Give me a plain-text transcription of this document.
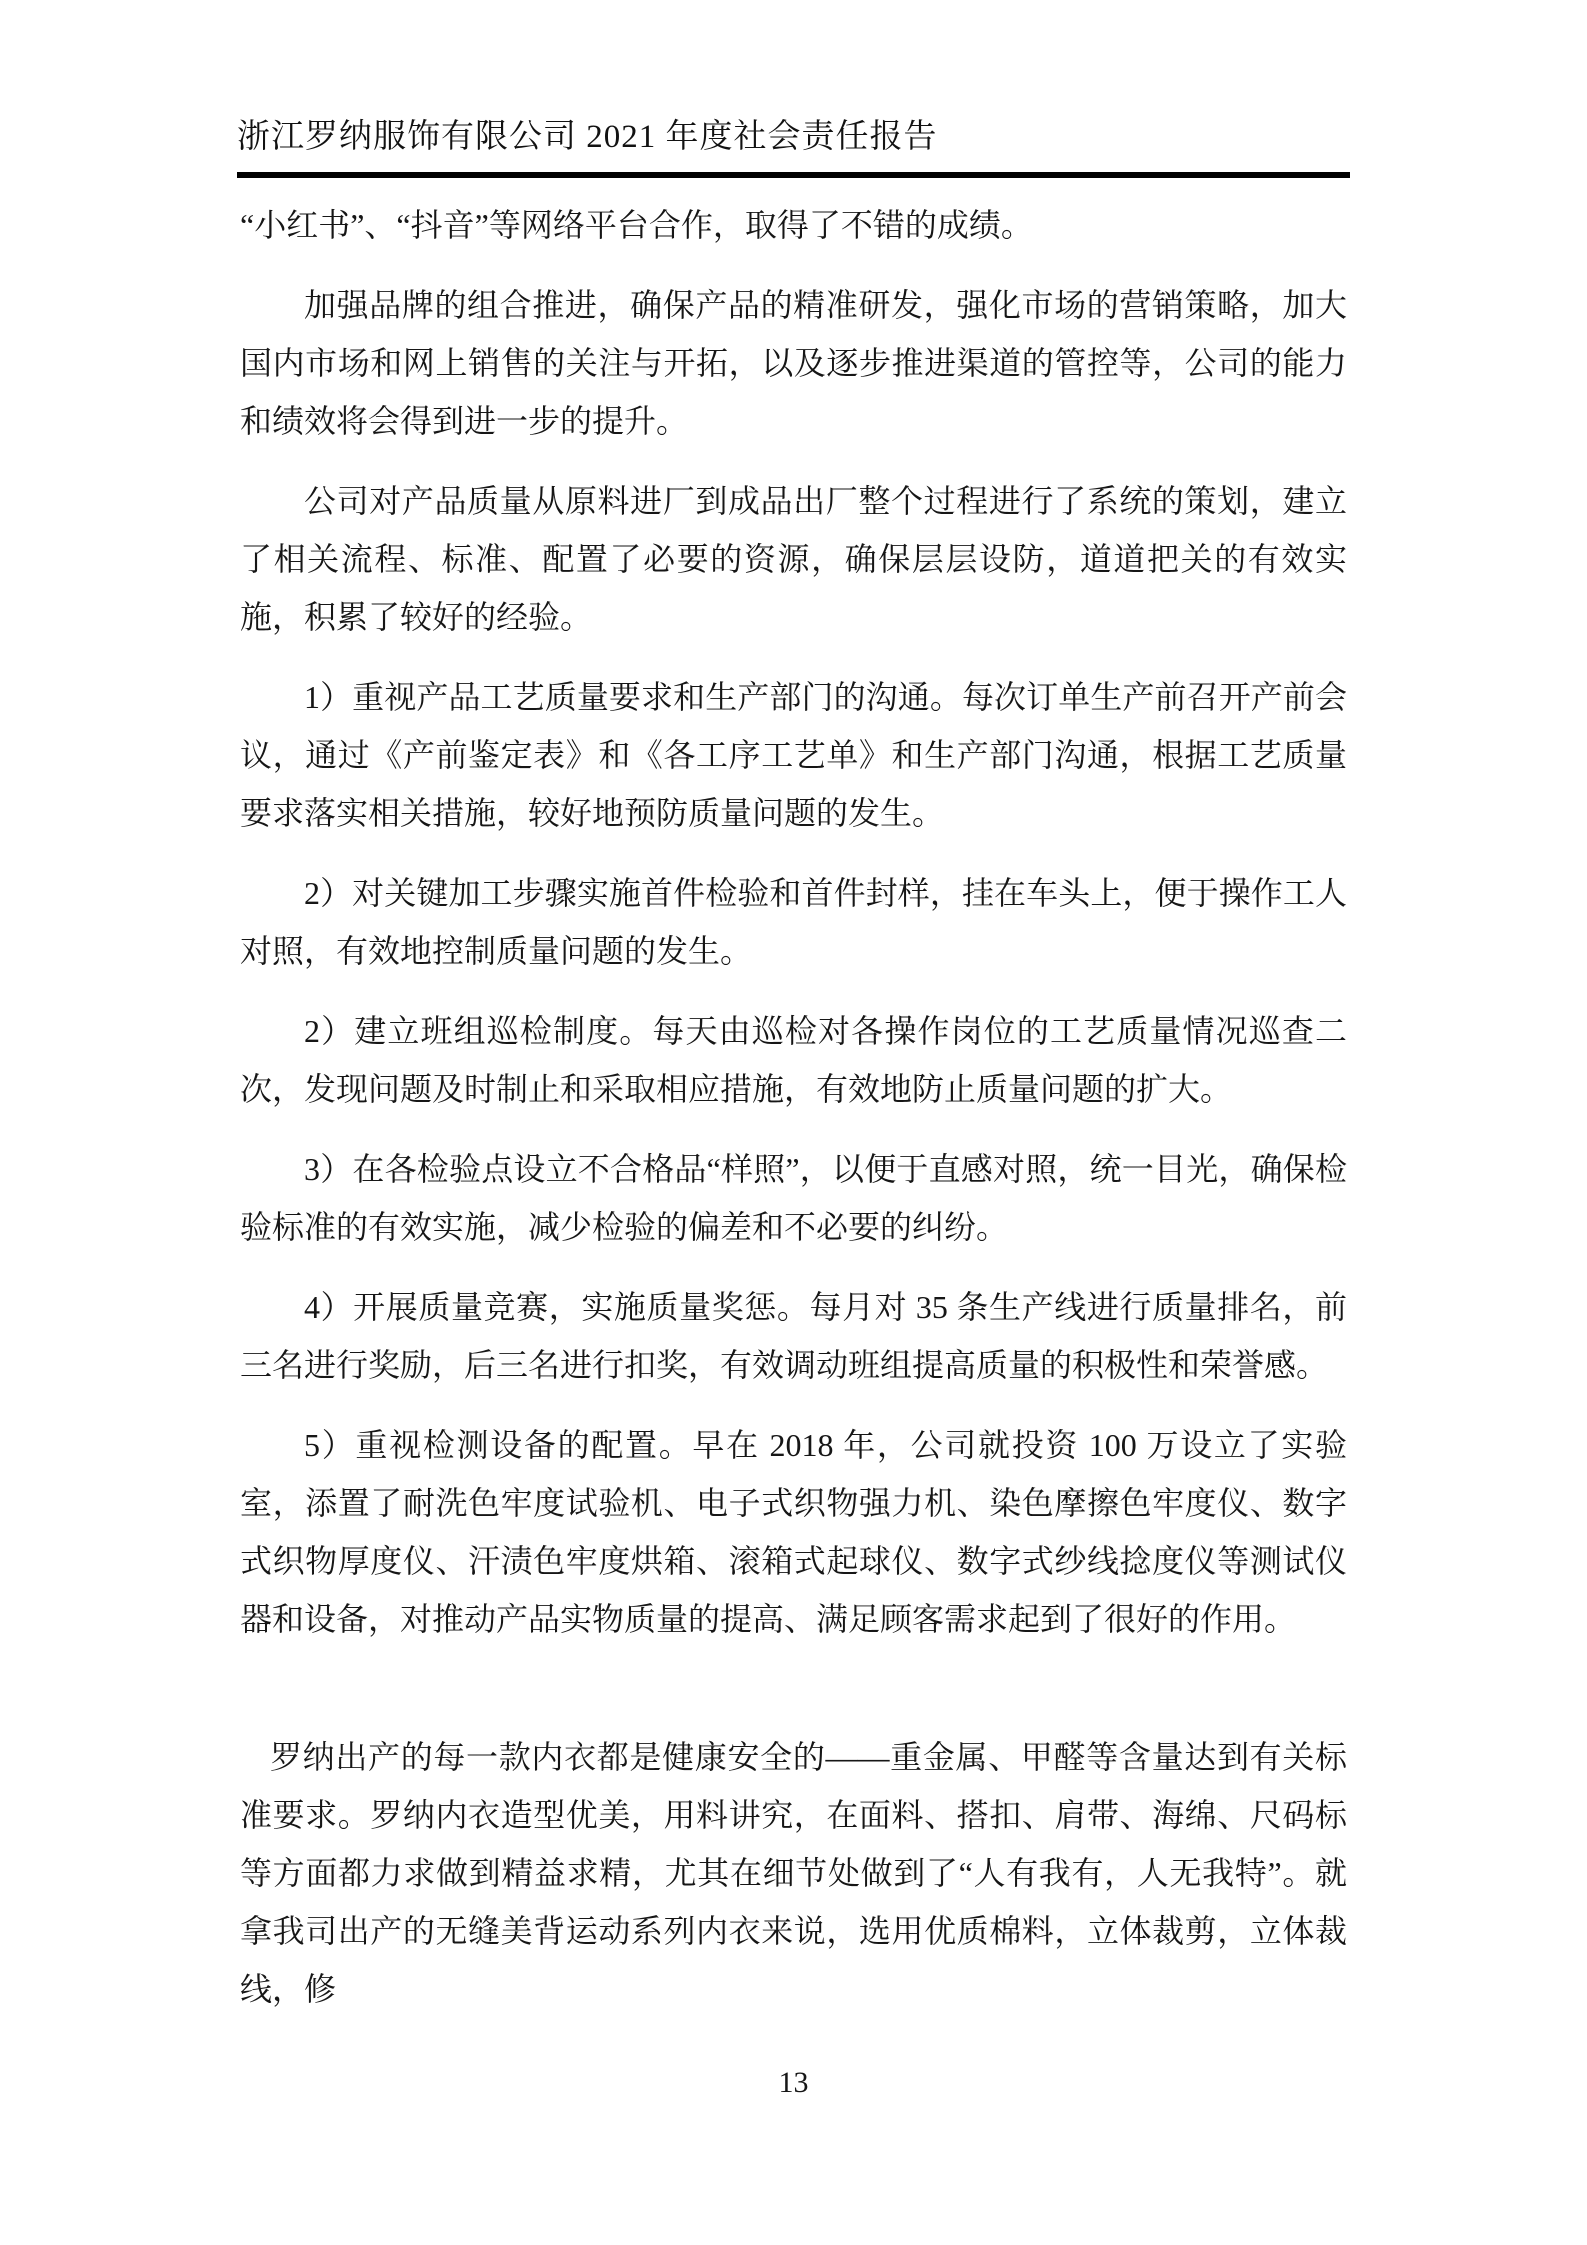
浙江罗纳服饰有限公司 2021 年度社会责任报告

“小红书”、“抖音”等网络平台合作，取得了不错的成绩。

加强品牌的组合推进，确保产品的精准研发，强化市场的营销策略，加大国内市场和网上销售的关注与开拓，以及逐步推进渠道的管控等，公司的能力和绩效将会得到进一步的提升。

公司对产品质量从原料进厂到成品出厂整个过程进行了系统的策划，建立了相关流程、标准、配置了必要的资源，确保层层设防，道道把关的有效实施，积累了较好的经验。

1）重视产品工艺质量要求和生产部门的沟通。每次订单生产前召开产前会议，通过《产前鉴定表》和《各工序工艺单》和生产部门沟通，根据工艺质量要求落实相关措施，较好地预防质量问题的发生。

2）对关键加工步骤实施首件检验和首件封样，挂在车头上，便于操作工人对照，有效地控制质量问题的发生。

2）建立班组巡检制度。每天由巡检对各操作岗位的工艺质量情况巡查二次，发现问题及时制止和采取相应措施，有效地防止质量问题的扩大。

3）在各检验点设立不合格品“样照”，以便于直感对照，统一目光，确保检验标准的有效实施，减少检验的偏差和不必要的纠纷。

4）开展质量竞赛，实施质量奖惩。每月对 35 条生产线进行质量排名，前三名进行奖励，后三名进行扣奖，有效调动班组提高质量的积极性和荣誉感。

5）重视检测设备的配置。早在 2018 年，公司就投资 100 万设立了实验室，添置了耐洗色牢度试验机、电子式织物强力机、染色摩擦色牢度仪、数字式织物厚度仪、汗渍色牢度烘箱、滚箱式起球仪、数字式纱线捻度仪等测试仪器和设备，对推动产品实物质量的提高、满足顾客需求起到了很好的作用。

罗纳出产的每一款内衣都是健康安全的——重金属、甲醛等含量达到有关标准要求。罗纳内衣造型优美，用料讲究，在面料、搭扣、肩带、海绵、尺码标等方面都力求做到精益求精，尤其在细节处做到了“人有我有，人无我特”。就拿我司出产的无缝美背运动系列内衣来说，选用优质棉料，立体裁剪，立体裁线，修

13
